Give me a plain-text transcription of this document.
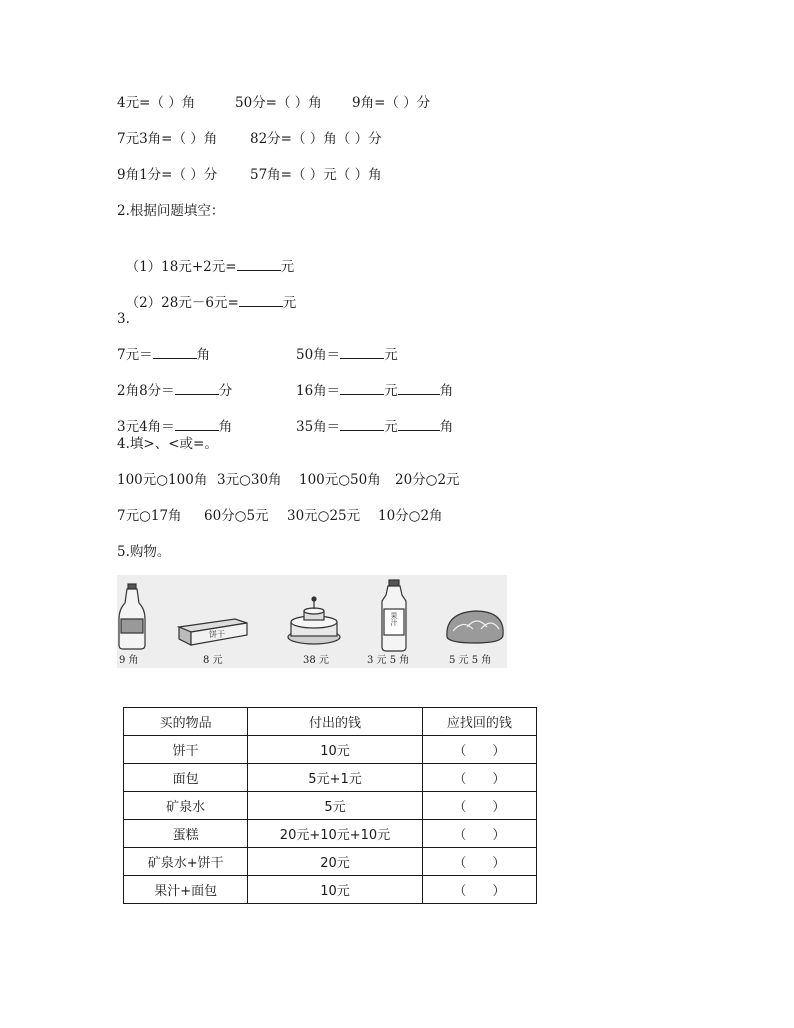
4元=（ ）角	50分=（ ）角 9角=（ ）分
7元3角=（ ）角 82分=（ ）角（ ）分
9角1分=（ ）分 57角=（ ）元（ ）角
2.根据问题填空：

（1）18元+2元=	元

（2）28元－6元=	元

3.
7元＝	角	50角＝	元
2角8分＝	分	16角＝	元	角
3元4角＝	角	35角＝	元	角
4.填>、<或=。
100元○100角 3元○30角 100元○50角 20分○2元
7元○17角 60分○5元 30元○25元 10分○2角
5.购物。
饼干
果汁
9 角	8 元	38 元	3 元 5 角	5 元 5 角
买的物品	付出的钱	应找回的钱
饼干	10元	（　　）
面包	5元+1元	（　　）
矿泉水	5元	（　　）
蛋糕	20元+10元+10元	（　　）
矿泉水+饼干	20元	（　　）
果汁+面包	10元	（　　）
